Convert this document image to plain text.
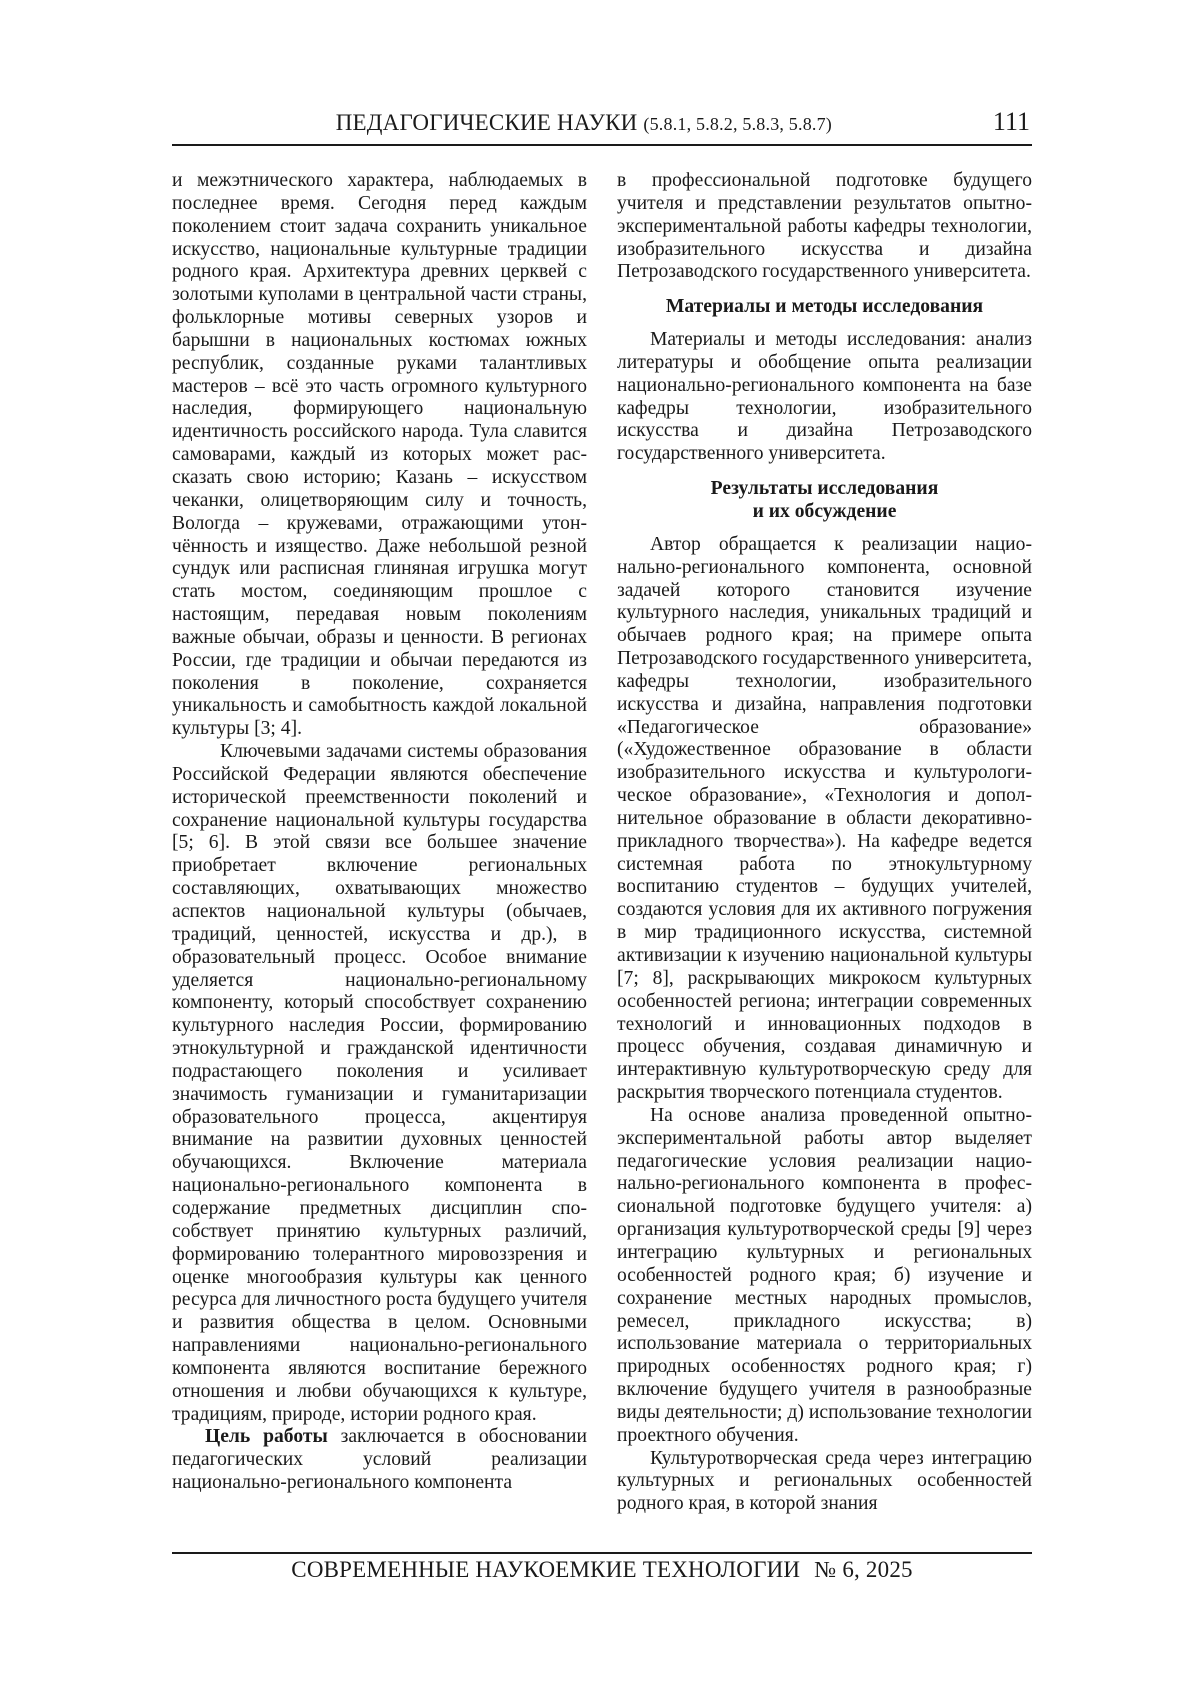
ПЕДАГОГИЧЕСКИЕ НАУКИ (5.8.1, 5.8.2, 5.8.3, 5.8.7)	111

и межэтнического характера, наблюдаемых в последнее время. Сегодня перед каждым поколением стоит задача сохранить уникальное искусство, национальные культурные традиции родного края. Архитектура древних церквей с золотыми куполами в центральной части страны, фольклорные мотивы северных узоров и барышни в национальных костюмах южных республик, созданные руками талантливых мастеров – всё это часть огромного культурного наследия, формирующего национальную идентичность российского народа. Тула славится самоварами, каждый из которых может рассказать свою историю; Казань – искусством чеканки, олицетворяющим силу и точность, Вологда – кружевами, отражающими утончённость и изящество. Даже небольшой резной сундук или расписная глиняная игрушка могут стать мостом, соединяющим прошлое с настоящим, передавая новым поколениям важные обычаи, образы и ценности. В регионах России, где традиции и обычаи передаются из поколения в поколение, сохраняется уникальность и самобытность каждой локальной культуры [3; 4].

Ключевыми задачами системы образования Российской Федерации являются обеспечение исторической преемственности поколений и сохранение национальной культуры государства [5; 6]. В этой связи все большее значение приобретает включение региональных составляющих, охватывающих множество аспектов национальной культуры (обычаев, традиций, ценностей, искусства и др.), в образовательный процесс. Особое внимание уделяется национально-региональному компоненту, который способствует сохранению культурного наследия России, формированию этнокультурной и гражданской идентичности подрастающего поколения и усиливает значимость гуманизации и гуманитаризации образовательного процесса, акцентируя внимание на развитии духовных ценностей обучающихся. Включение материала национально-регионального компонента в содержание предметных дисциплин способствует принятию культурных различий, формированию толерантного мировоззрения и оценке многообразия культуры как ценного ресурса для личностного роста будущего учителя и развития общества в целом. Основными направлениями национально-регионального компонента являются воспитание бережного отношения и любви обучающихся к культуре, традициям, природе, истории родного края.

Цель работы заключается в обосновании педагогических условий реализации национально-регионального компонента

в профессиональной подготовке будущего учителя и представлении результатов опытно-экспериментальной работы кафедры технологии, изобразительного искусства и дизайна Петрозаводского государственного университета.

Материалы и методы исследования

Материалы и методы исследования: анализ литературы и обобщение опыта реализации национально-регионального компонента на базе кафедры технологии, изобразительного искусства и дизайна Петрозаводского государственного университета.

Результаты исследования
и их обсуждение

Автор обращается к реализации национально-регионального компонента, основной задачей которого становится изучение культурного наследия, уникальных традиций и обычаев родного края; на примере опыта Петрозаводского государственного университета, кафедры технологии, изобразительного искусства и дизайна, направления подготовки «Педагогическое образование» («Художественное образование в области изобразительного искусства и культурологическое образование», «Технология и дополнительное образование в области декоративно-прикладного творчества»). На кафедре ведется системная работа по этнокультурному воспитанию студентов – будущих учителей, создаются условия для их активного погружения в мир традиционного искусства, системной активизации к изучению национальной культуры [7; 8], раскрывающих микрокосм культурных особенностей региона; интеграции современных технологий и инновационных подходов в процесс обучения, создавая динамичную и интерактивную культуротворческую среду для раскрытия творческого потенциала студентов.

На основе анализа проведенной опытно-экспериментальной работы автор выделяет педагогические условия реализации национально-регионального компонента в профессиональной подготовке будущего учителя: а) организация культуротворческой среды [9] через интеграцию культурных и региональных особенностей родного края; б) изучение и сохранение местных народных промыслов, ремесел, прикладного искусства; в) использование материала о территориальных природных особенностях родного края; г) включение будущего учителя в разнообразные виды деятельности; д) использование технологии проектного обучения.

Культуротворческая среда через интеграцию культурных и региональных особенностей родного края, в которой знания

СОВРЕМЕННЫЕ НАУКОЕМКИЕ ТЕХНОЛОГИИ № 6, 2025
